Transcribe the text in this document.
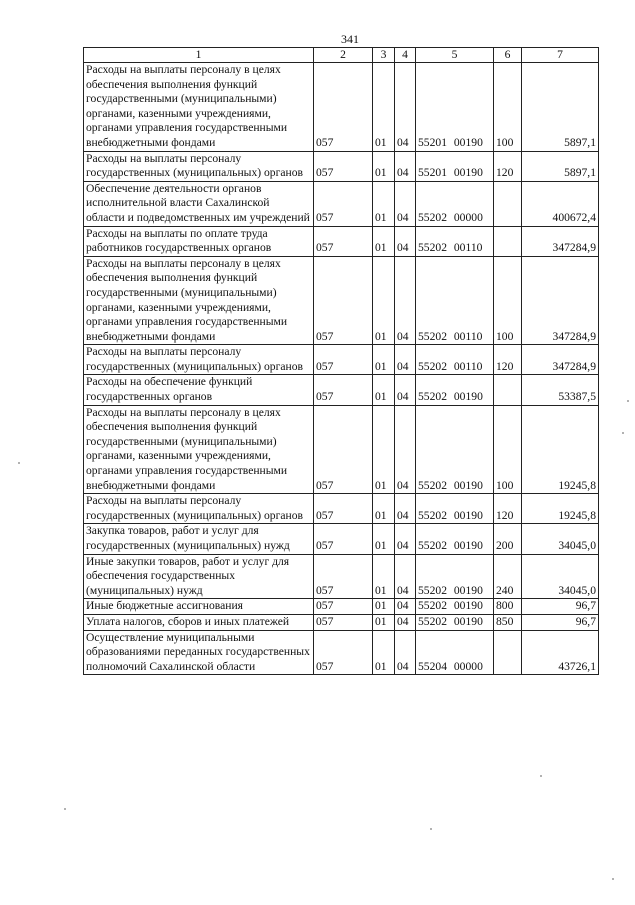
341
1	2	3	4	5	6	7
Расходы на выплаты персоналу в целях обеспечения выполнения функций государственными (муниципальными) органами, казенными учреждениями, органами управления государственными внебюджетными фондами	057	01	04	55201 00190	100	5897,1
Расходы на выплаты персоналу государственных (муниципальных) органов	057	01	04	55201 00190	120	5897,1
Обеспечение деятельности органов исполнительной власти Сахалинской области и подведомственных им учреждений	057	01	04	55202 00000		400672,4
Расходы на выплаты по оплате труда работников государственных органов	057	01	04	55202 00110		347284,9
Расходы на выплаты персоналу в целях обеспечения выполнения функций государственными (муниципальными) органами, казенными учреждениями, органами управления государственными внебюджетными фондами	057	01	04	55202 00110	100	347284,9
Расходы на выплаты персоналу государственных (муниципальных) органов	057	01	04	55202 00110	120	347284,9
Расходы на обеспечение функций государственных органов	057	01	04	55202 00190		53387,5
Расходы на выплаты персоналу в целях обеспечения выполнения функций государственными (муниципальными) органами, казенными учреждениями, органами управления государственными внебюджетными фондами	057	01	04	55202 00190	100	19245,8
Расходы на выплаты персоналу государственных (муниципальных) органов	057	01	04	55202 00190	120	19245,8
Закупка товаров, работ и услуг для государственных (муниципальных) нужд	057	01	04	55202 00190	200	34045,0
Иные закупки товаров, работ и услуг для обеспечения государственных (муниципальных) нужд	057	01	04	55202 00190	240	34045,0
Иные бюджетные ассигнования	057	01	04	55202 00190	800	96,7
Уплата налогов, сборов и иных платежей	057	01	04	55202 00190	850	96,7
Осуществление муниципальными образованиями переданных государственных полномочий Сахалинской области	057	01	04	55204 00000		43726,1
